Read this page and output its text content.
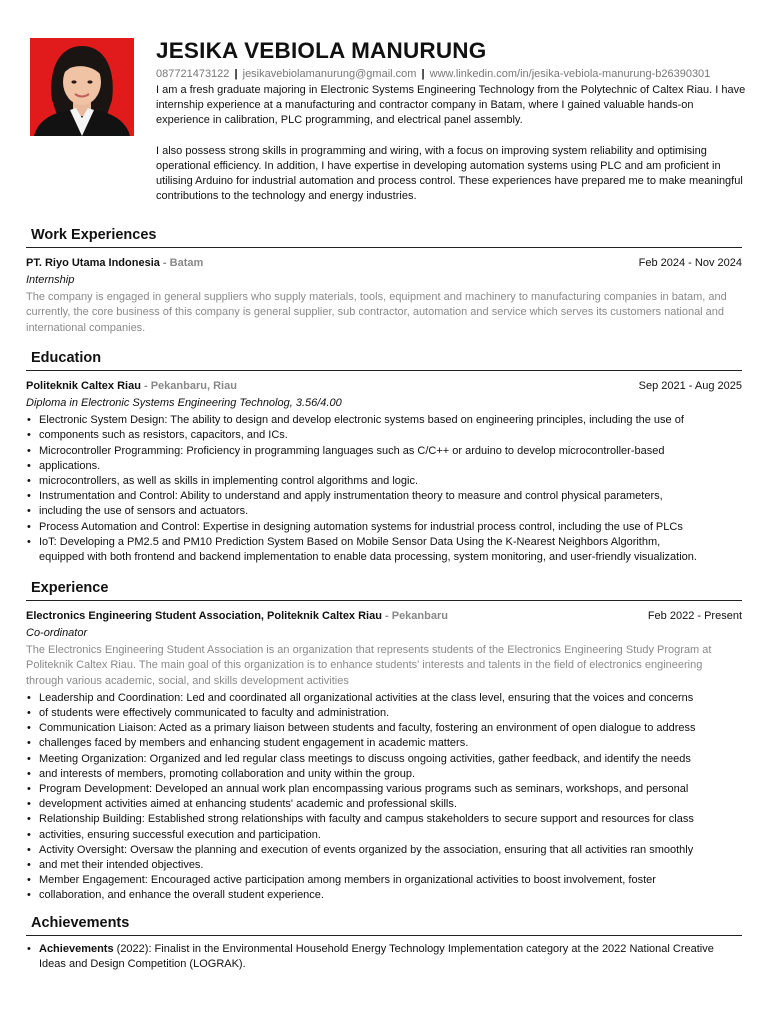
JESIKA VEBIOLA MANURUNG
087721473122 | jesikavebiolamanurung@gmail.com | www.linkedin.com/in/jesika-vebiola-manurung-b26390301

I am a fresh graduate majoring in Electronic Systems Engineering Technology from the Polytechnic of Caltex Riau. I have internship experience at a manufacturing and contractor company in Batam, where I gained valuable hands-on experience in calibration, PLC programming, and electrical panel assembly.

I also possess strong skills in programming and wiring, with a focus on improving system reliability and optimising operational efficiency. In addition, I have expertise in developing automation systems using PLC and am proficient in utilising Arduino for industrial automation and process control. These experiences have prepared me to make meaningful contributions to the technology and energy industries.

Work Experiences
PT. Riyo Utama Indonesia - Batam	Feb 2024 - Nov 2024
Internship
The company is engaged in general suppliers who supply materials, tools, equipment and machinery to manufacturing companies in batam, and currently, the core business of this company is general supplier, sub contractor, automation and service which serves its customers national and international companies.
Education
Politeknik Caltex Riau - Pekanbaru, Riau	Sep 2021 - Aug 2025
Diploma in Electronic Systems Engineering Technolog, 3.56/4.00
• Electronic System Design: The ability to design and develop electronic systems based on engineering principles, including the use of
• components such as resistors, capacitors, and ICs.
• Microcontroller Programming: Proficiency in programming languages such as C/C++ or arduino to develop microcontroller-based
• applications.
• microcontrollers, as well as skills in implementing control algorithms and logic.
• Instrumentation and Control: Ability to understand and apply instrumentation theory to measure and control physical parameters,
• including the use of sensors and actuators.
• Process Automation and Control: Expertise in designing automation systems for industrial process control, including the use of PLCs
• IoT: Developing a PM2.5 and PM10 Prediction System Based on Mobile Sensor Data Using the K-Nearest Neighbors Algorithm,
equipped with both frontend and backend implementation to enable data processing, system monitoring, and user-friendly visualization.
Experience
Electronics Engineering Student Association, Politeknik Caltex Riau - Pekanbaru	Feb 2022 - Present
Co-ordinator
The Electronics Engineering Student Association is an organization that represents students of the Electronics Engineering Study Program at Politeknik Caltex Riau. The main goal of this organization is to enhance students' interests and talents in the field of electronics engineering through various academic, social, and skills development activities
• Leadership and Coordination: Led and coordinated all organizational activities at the class level, ensuring that the voices and concerns
• of students were effectively communicated to faculty and administration.
• Communication Liaison: Acted as a primary liaison between students and faculty, fostering an environment of open dialogue to address
• challenges faced by members and enhancing student engagement in academic matters.
• Meeting Organization: Organized and led regular class meetings to discuss ongoing activities, gather feedback, and identify the needs
• and interests of members, promoting collaboration and unity within the group.
• Program Development: Developed an annual work plan encompassing various programs such as seminars, workshops, and personal
• development activities aimed at enhancing students' academic and professional skills.
• Relationship Building: Established strong relationships with faculty and campus stakeholders to secure support and resources for class
• activities, ensuring successful execution and participation.
• Activity Oversight: Oversaw the planning and execution of events organized by the association, ensuring that all activities ran smoothly
• and met their intended objectives.
• Member Engagement: Encouraged active participation among members in organizational activities to boost involvement, foster
• collaboration, and enhance the overall student experience.
Achievements
• Achievements (2022): Finalist in the Environmental Household Energy Technology Implementation category at the 2022 National Creative Ideas and Design Competition (LOGRAK).
